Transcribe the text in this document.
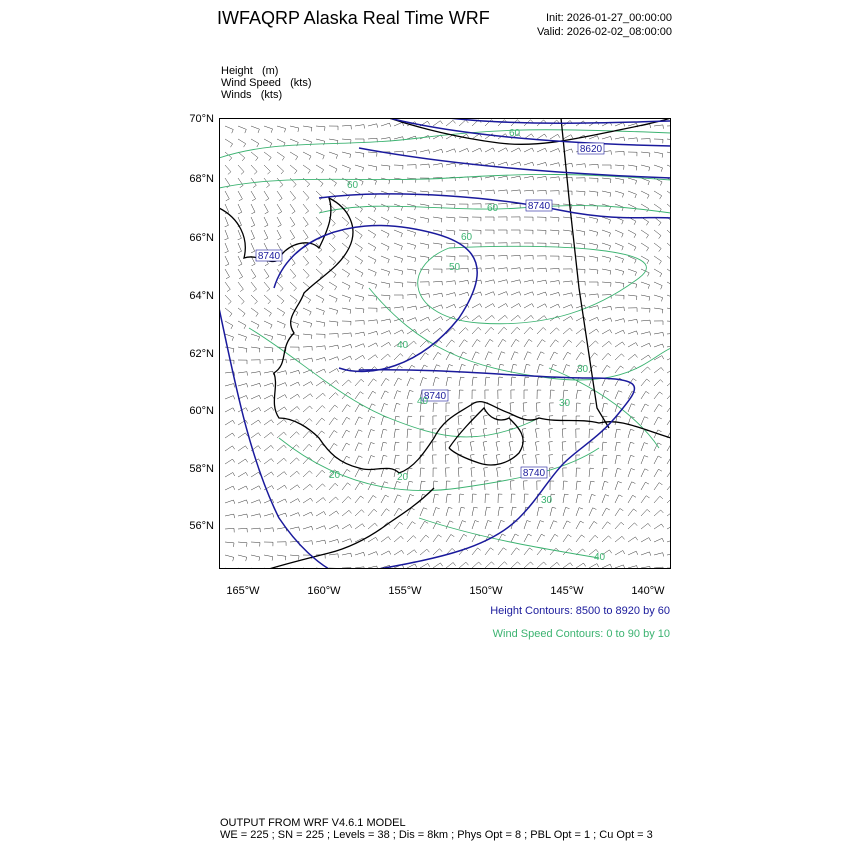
IWFAQRP Alaska Real Time WRF	Init: 2026-01-27_00:00:00
Valid: 2026-02-02_08:00:00
Height   (m)
Wind Speed   (kts)
Winds   (kts)
8620
8740
8740
8740
8740
60
60
60
60
50
40
40
30
30
20	20
30
40
70°N
68°N
66°N
64°N
62°N
60°N
58°N
56°N
165°W	160°W	155°W	150°W	145°W	140°W
Height Contours: 8500 to 8920 by 60
Wind Speed Contours: 0 to 90 by 10
OUTPUT FROM WRF V4.6.1 MODEL
WE = 225 ; SN = 225 ; Levels = 38 ; Dis = 8km ; Phys Opt = 8 ; PBL Opt = 1 ; Cu Opt = 3
